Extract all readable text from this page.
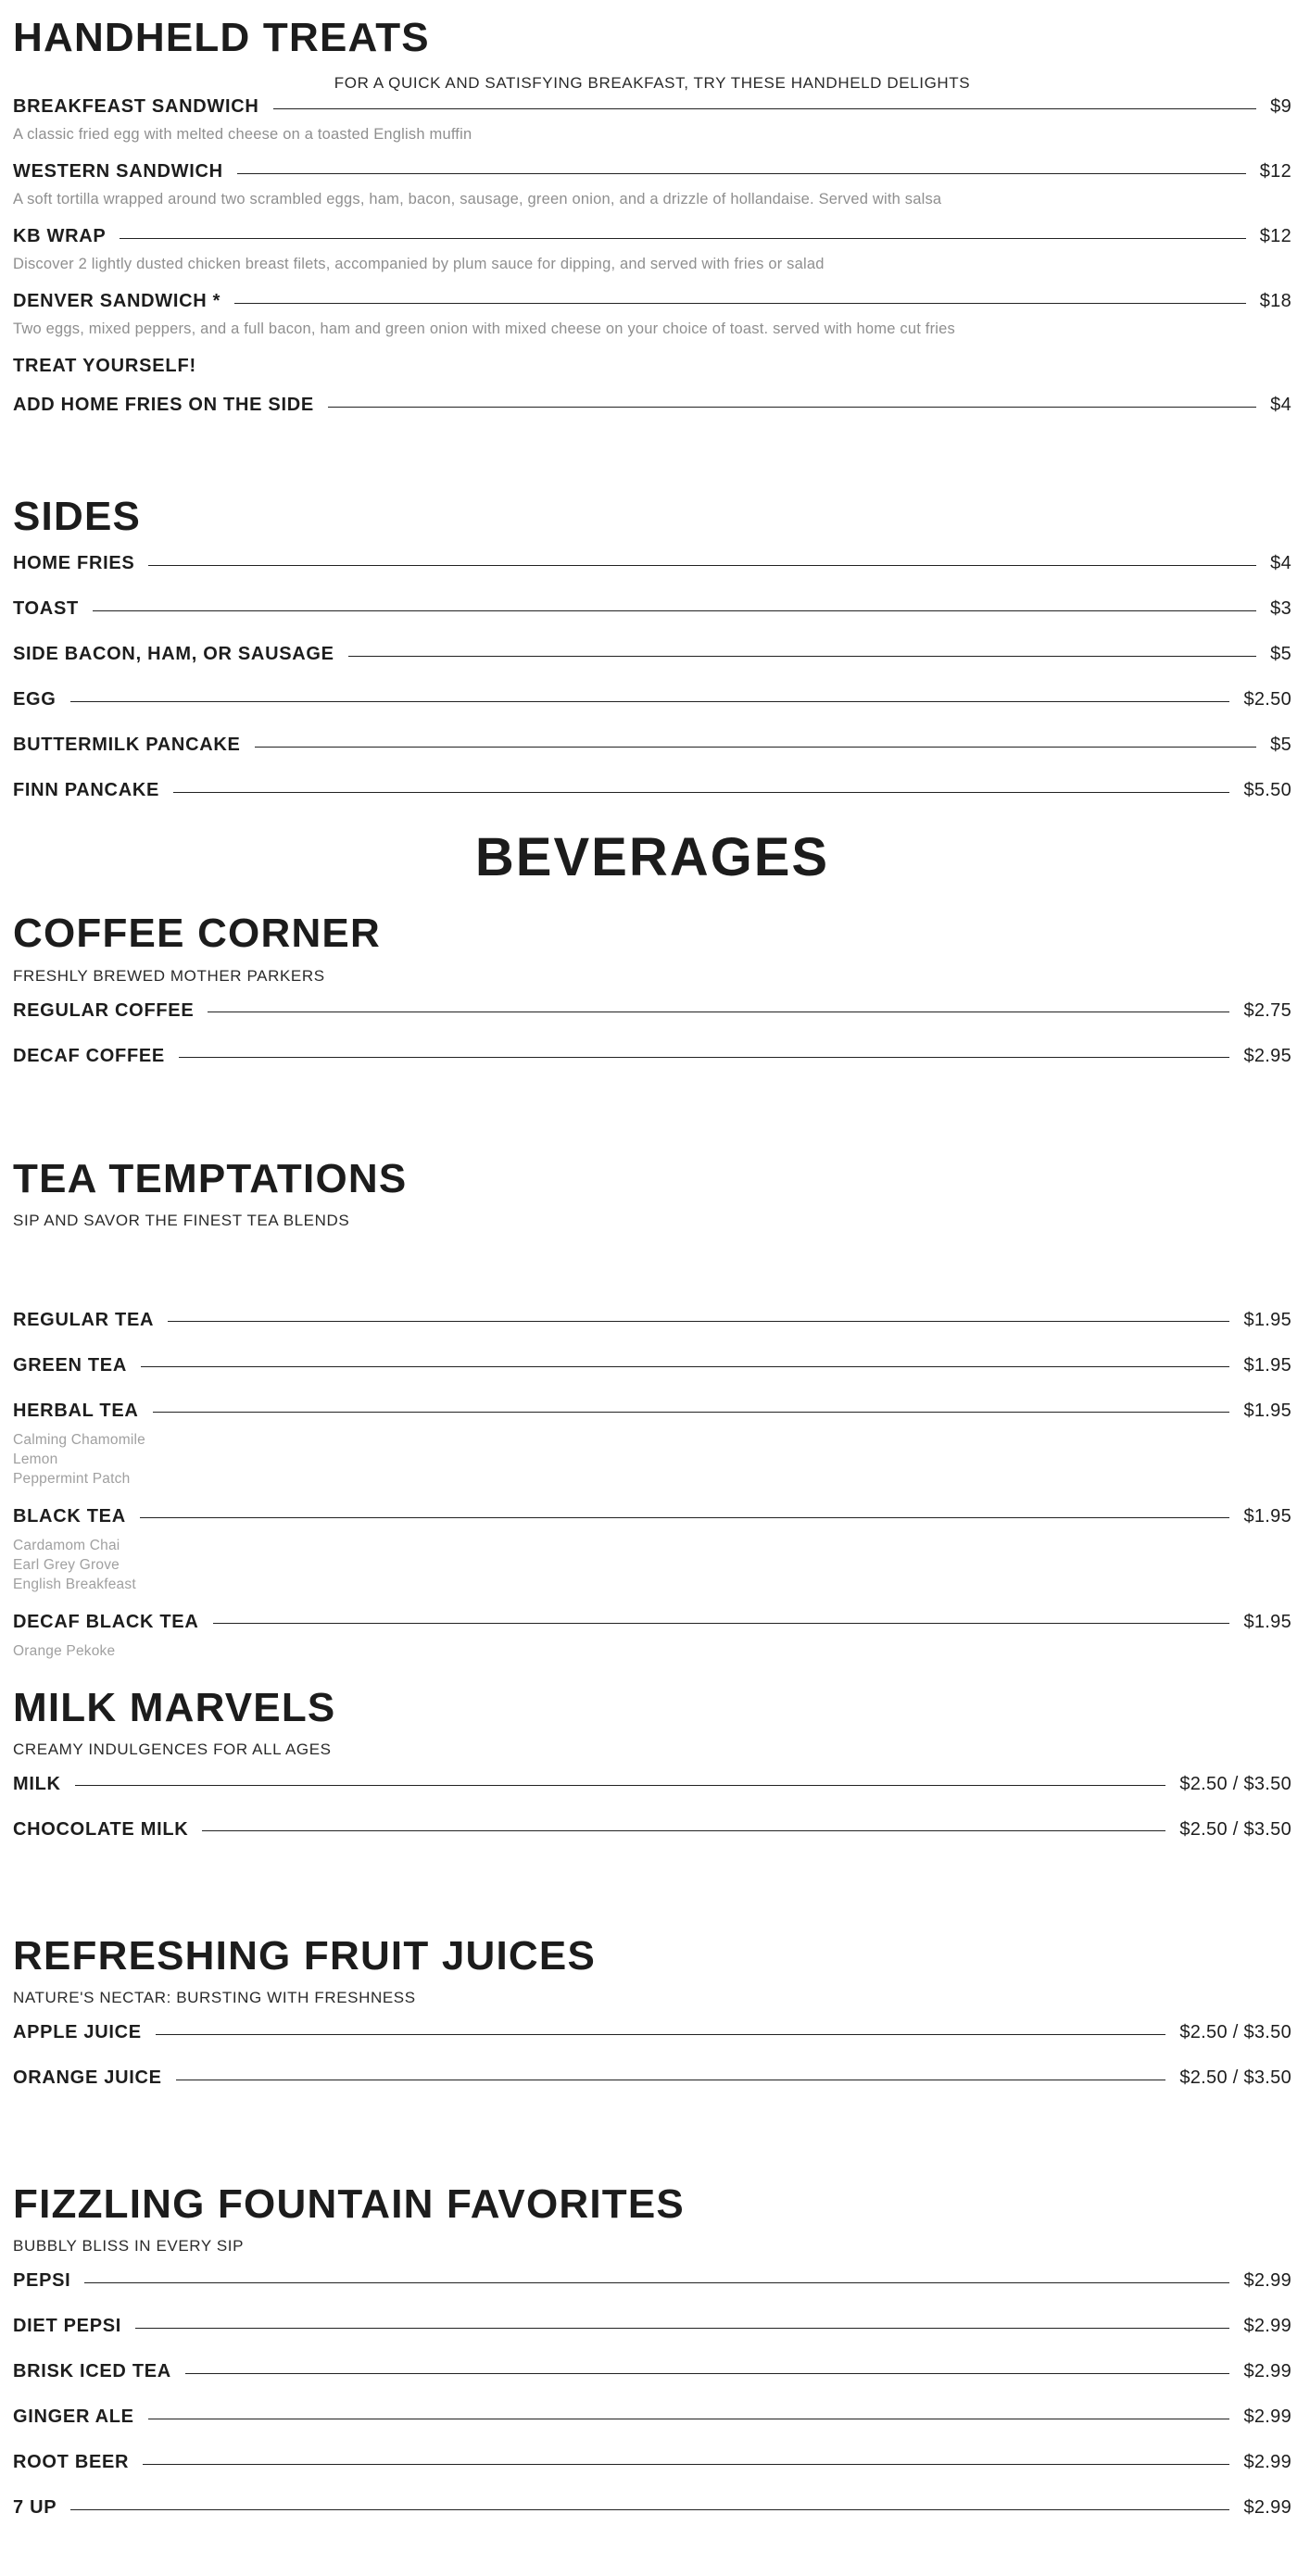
HANDHELD TREATS

FOR A QUICK AND SATISFYING BREAKFAST, TRY THESE HANDHELD DELIGHTS

BREAKFEAST SANDWICH	$9

A classic fried egg with melted cheese on a toasted English muffin

WESTERN SANDWICH	$12

A soft tortilla wrapped around two scrambled eggs, ham, bacon, sausage, green onion, and a drizzle of hollandaise. Served with salsa

KB WRAP	$12

Discover 2 lightly dusted chicken breast filets, accompanied by plum sauce for dipping, and served with fries or salad

DENVER SANDWICH *	$18

Two eggs, mixed peppers, and a full bacon, ham and green onion with mixed cheese on your choice of toast. served with home cut fries

TREAT YOURSELF!

ADD HOME FRIES ON THE SIDE	$4
SIDES
HOME FRIES	$4
TOAST	$3
SIDE BACON, HAM, OR SAUSAGE	$5
EGG	$2.50
BUTTERMILK PANCAKE	$5
FINN PANCAKE	$5.50
BEVERAGES
COFFEE CORNER

FRESHLY BREWED MOTHER PARKERS

REGULAR COFFEE	$2.75
DECAF COFFEE	$2.95
TEA TEMPTATIONS

SIP AND SAVOR THE FINEST TEA BLENDS

REGULAR TEA	$1.95
GREEN TEA	$1.95
HERBAL TEA	$1.95
Calming Chamomile
Lemon
Peppermint Patch
BLACK TEA	$1.95
Cardamom Chai
Earl Grey Grove
English Breakfeast
DECAF BLACK TEA	$1.95
Orange Pekoke
MILK MARVELS

CREAMY INDULGENCES FOR ALL AGES

MILK	$2.50 / $3.50
CHOCOLATE MILK	$2.50 / $3.50
REFRESHING FRUIT JUICES

NATURE'S NECTAR: BURSTING WITH FRESHNESS

APPLE JUICE	$2.50 / $3.50
ORANGE JUICE	$2.50 / $3.50
FIZZLING FOUNTAIN FAVORITES

BUBBLY BLISS IN EVERY SIP

PEPSI	$2.99
DIET PEPSI	$2.99
BRISK ICED TEA	$2.99
GINGER ALE	$2.99
ROOT BEER	$2.99
7 UP	$2.99
